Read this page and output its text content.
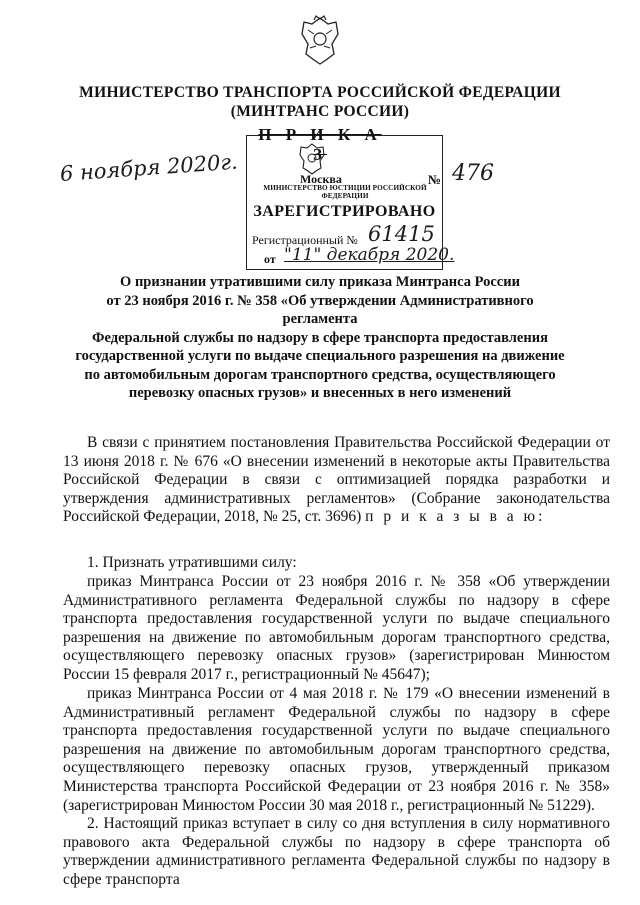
МИНИСТЕРСТВО ТРАНСПОРТА РОССИЙСКОЙ ФЕДЕРАЦИИ
(МИНТРАНС РОССИИ)
П Р И К А З
Москва
МИНИСТЕРСТВО ЮСТИЦИИ РОССИЙСКОЙ ФЕДЕРАЦИИ
ЗАРЕГИСТРИРОВАНО
Регистрационный № 61415
от "11" декабря 2020.
6 ноября 2020г.	№ 476
О признании утратившими силу приказа Минтранса России
от 23 ноября 2016 г. № 358 «Об утверждении Административного регламента
Федеральной службы по надзору в сфере транспорта предоставления
государственной услуги по выдаче специального разрешения на движение
по автомобильным дорогам транспортного средства, осуществляющего
перевозку опасных грузов» и внесенных в него изменений
В связи с принятием постановления Правительства Российской Федерации от 13 июня 2018 г. № 676 «О внесении изменений в некоторые акты Правительства Российской Федерации в связи с оптимизацией порядка разработки и утверждения административных регламентов» (Собрание законодательства Российской Федерации, 2018, № 25, ст. 3696) п р и к а з ы в а ю:
1. Признать утратившими силу:
приказ Минтранса России от 23 ноября 2016 г. № 358 «Об утверждении Административного регламента Федеральной службы по надзору в сфере транспорта предоставления государственной услуги по выдаче специального разрешения на движение по автомобильным дорогам транспортного средства, осуществляющего перевозку опасных грузов» (зарегистрирован Минюстом России 15 февраля 2017 г., регистрационный № 45647);
приказ Минтранса России от 4 мая 2018 г. № 179 «О внесении изменений в Административный регламент Федеральной службы по надзору в сфере транспорта предоставления государственной услуги по выдаче специального разрешения на движение по автомобильным дорогам транспортного средства, осуществляющего перевозку опасных грузов, утвержденный приказом Министерства транспорта Российской Федерации от 23 ноября 2016 г. № 358» (зарегистрирован Минюстом России 30 мая 2018 г., регистрационный № 51229).
2. Настоящий приказ вступает в силу со дня вступления в силу нормативного правового акта Федеральной службы по надзору в сфере транспорта об утверждении административного регламента Федеральной службы по надзору в сфере транспорта
